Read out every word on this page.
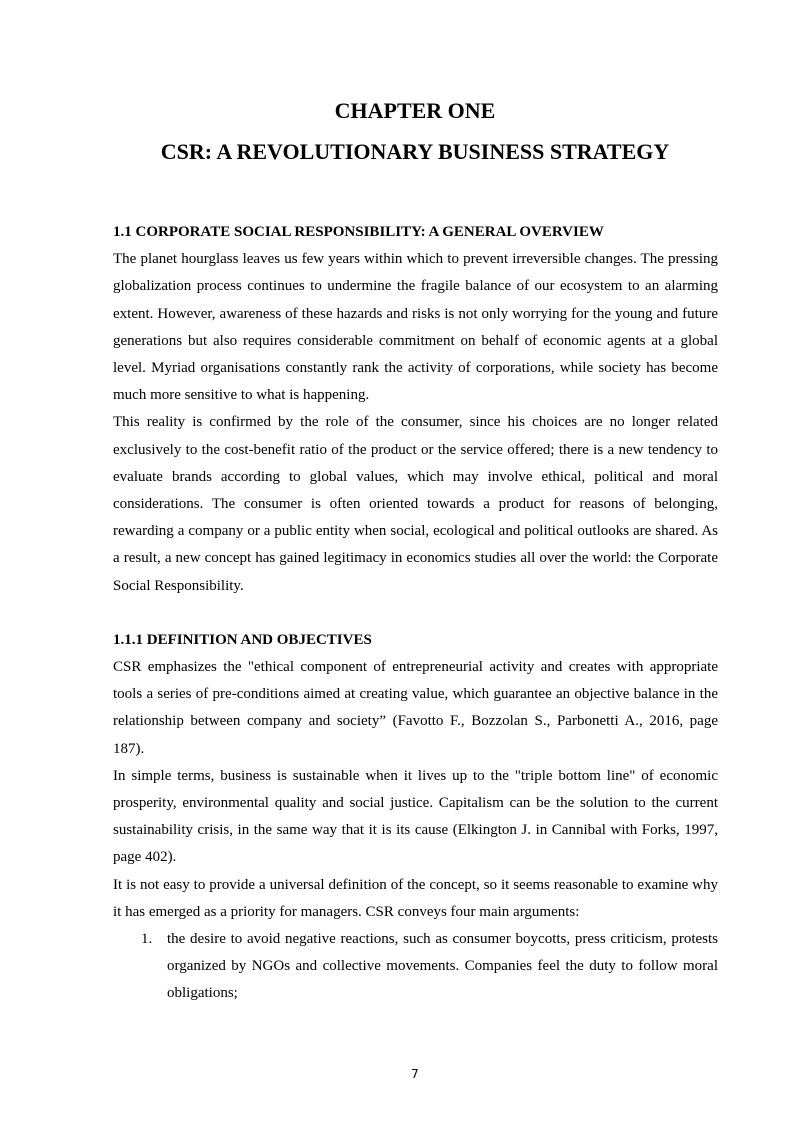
CHAPTER ONE
CSR: A REVOLUTIONARY BUSINESS STRATEGY
1.1 CORPORATE SOCIAL RESPONSIBILITY: A GENERAL OVERVIEW

The planet hourglass leaves us few years within which to prevent irreversible changes. The pressing globalization process continues to undermine the fragile balance of our ecosystem to an alarming extent. However, awareness of these hazards and risks is not only worrying for the young and future generations but also requires considerable commitment on behalf of economic agents at a global level. Myriad organisations constantly rank the activity of corporations, while society has become much more sensitive to what is happening.

This reality is confirmed by the role of the consumer, since his choices are no longer related exclusively to the cost-benefit ratio of the product or the service offered; there is a new tendency to evaluate brands according to global values, which may involve ethical, political and moral considerations. The consumer is often oriented towards a product for reasons of belonging, rewarding a company or a public entity when social, ecological and political outlooks are shared. As a result, a new concept has gained legitimacy in economics studies all over the world: the Corporate Social Responsibility.

1.1.1 DEFINITION AND OBJECTIVES

CSR emphasizes the "ethical component of entrepreneurial activity and creates with appropriate tools a series of pre-conditions aimed at creating value, which guarantee an objective balance in the relationship between company and society” (Favotto F., Bozzolan S., Parbonetti A., 2016, page 187).

In simple terms, business is sustainable when it lives up to the "triple bottom line" of economic prosperity, environmental quality and social justice. Capitalism can be the solution to the current sustainability crisis, in the same way that it is its cause (Elkington J. in Cannibal with Forks, 1997, page 402).

It is not easy to provide a universal definition of the concept, so it seems reasonable to examine why it has emerged as a priority for managers. CSR conveys four main arguments:

1. the desire to avoid negative reactions, such as consumer boycotts, press criticism, protests organized by NGOs and collective movements. Companies feel the duty to follow moral obligations;

7
